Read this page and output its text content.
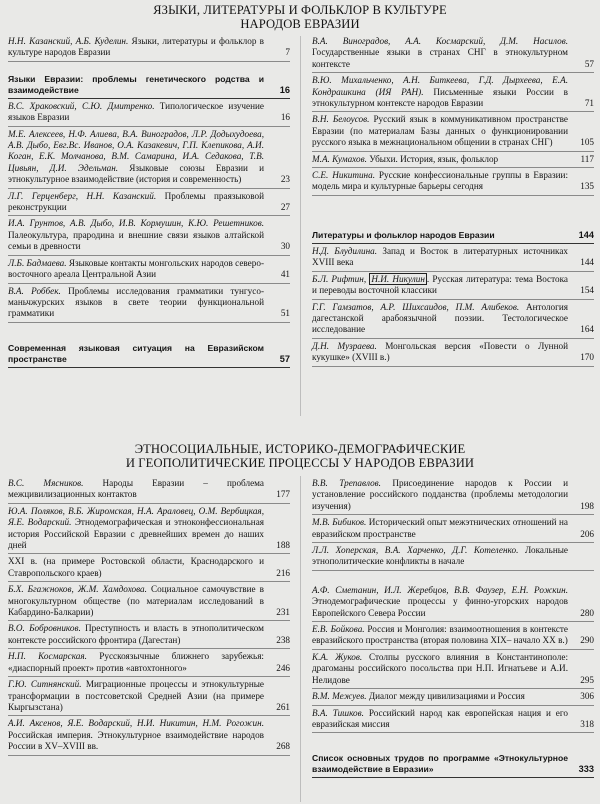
ЯЗЫКИ, ЛИТЕРАТУРЫ И ФОЛЬКЛОР В КУЛЬТУРЕ
НАРОДОВ ЕВРАЗИИ
Н.Н. Казанский, А.Б. Куделин. Языки, литературы и фольклор в культуре народов Евразии	7
Языки Евразии: проблемы генетического родства и взаимодействие	16
В.С. Храковский, С.Ю. Дмитренко. Типологическое изучение языков Евразии	16
М.Е. Алексеев, Н.Ф. Алиева, В.А. Виноградов, Л.Р. Додыхудоева, А.В. Дыбо, Евг.Вс. Иванов, О.А. Казакевич, Г.П. Клепикова, А.И. Коган, Е.К. Молчанова, В.М. Самарина, И.А. Седакова, Т.В. Цивьян, Д.И. Эдельман. Языковые союзы Евразии и этнокультурное взаимодействие (история и современность)	23
Л.Г. Герценберг, Н.Н. Казанский. Проблемы праязыковой реконструкции	27
И.А. Грунтов, А.В. Дыбо, И.В. Кормушин, К.Ю. Решетников. Палеокультура, прародина и внешние связи языков алтайской семьи в древности	30
Л.Б. Бадмаева. Языковые контакты монгольских народов северо-восточного ареала Центральной Азии	41
В.А. Роббек. Проблемы исследования грамматики тунгусо-маньчжурских языков в свете теории функциональной грамматики	51
Современная языковая ситуация на Евразийском пространстве	57
В.А. Виноградов, А.А. Космарский, Д.М. Насилов. Государственные языки в странах СНГ в этнокультурном контексте	57
В.Ю. Михальченко, А.Н. Биткеева, Г.Д. Дырхеева, Е.А. Кондрашкина (ИЯ РАН). Письменные языки России в этнокультурном контексте народов Евразии	71
В.Н. Белоусов. Русский язык в коммуникативном пространстве Евразии (по материалам Базы данных о функционировании русского языка в межнациональном общении в странах СНГ)	105
М.А. Кумахов. Убыхи. История, язык, фольклор	117
С.Е. Никитина. Русские конфессиональные группы в Евразии: модель мира и культурные барьеры сегодня	135
Литературы и фольклор народов Евразии	144
Н.Д. Блудилина. Запад и Восток в литературных источниках XVIII века	144
Б.Л. Рифтин, Н.И. Никулин . Русская литература: тема Востока и переводы восточной классики	154
Г.Г. Гамзатов, А.Р. Шихсаидов, П.М. Алибеков. Антология дагестанской арабоязычной поэзии. Тестологическое исследование	164
Д.Н. Музраева. Монгольская версия «Повести о Лунной кукушке» (XVIII в.)	170
ЭТНОСОЦИАЛЬНЫЕ, ИСТОРИКО-ДЕМОГРАФИЧЕСКИЕ
И ГЕОПОЛИТИЧЕСКИЕ ПРОЦЕССЫ У НАРОДОВ ЕВРАЗИИ
В.С. Мясников. Народы Евразии – проблема межцивилизационных контактов	177
Ю.А. Поляков, В.Б. Жиромская, Н.А. Араловец, О.М. Вербицкая, Я.Е. Водарский. Этнодемографическая и этноконфессиональная история Российской Евразии с древнейших времен до наших дней	188
XXI в. (на примере Ростовской области, Краснодарского и Ставропольского краев)	216
Б.Х. Бгажноков, Ж.М. Хамдохова. Социальное самочувствие в многокультурном обществе (по материалам исследований в Кабардино-Балкарии)	231
В.О. Бобровников. Преступность и власть в этнополитическом контексте российского фронтира (Дагестан)	238
Н.П. Космарская. Русскоязычные ближнего зарубежья: «диаспорный проект» против «автохтонного»	246
Г.Ю. Ситнянский. Миграционные процессы и этнокультурные трансформации в постсоветской Средней Азии (на примере Кыргызстана)	261
А.И. Аксенов, Я.Е. Водарский, Н.И. Никитин, Н.М. Рогожин. Российская империя. Этнокультурное взаимодействие народов России в XV–XVIII вв.	268
В.В. Трепавлов. Присоединение народов к России и установление российского подданства (проблемы методологии изучения)	198
М.В. Бибиков. Исторический опыт межэтнических отношений на евразийском пространстве	206
Л.Л. Хоперская, В.А. Харченко, Д.Г. Котеленко. Локальные этнополитические конфликты в начале
А.Ф. Сметанин, И.Л. Жеребцов, В.В. Фаузер, Е.Н. Рожкин. Этнодемографические процессы у финно-угорских народов Европейского Севера России	280
Е.В. Бойкова. Россия и Монголия: взаимоотношения в контексте евразийского пространства (вторая половина XIX– начало XX в.)	290
К.А. Жуков. Столпы русского влияния в Константинополе: драгоманы российского посольства при Н.П. Игнатьеве и А.И. Нелидове	295
В.М. Межуев. Диалог между цивилизациями и Россия	306
В.А. Тишков. Российский народ как европейская нация и его евразийская миссия	318
Список основных трудов по программе «Этнокультурное взаимодействие в Евразии»	333
